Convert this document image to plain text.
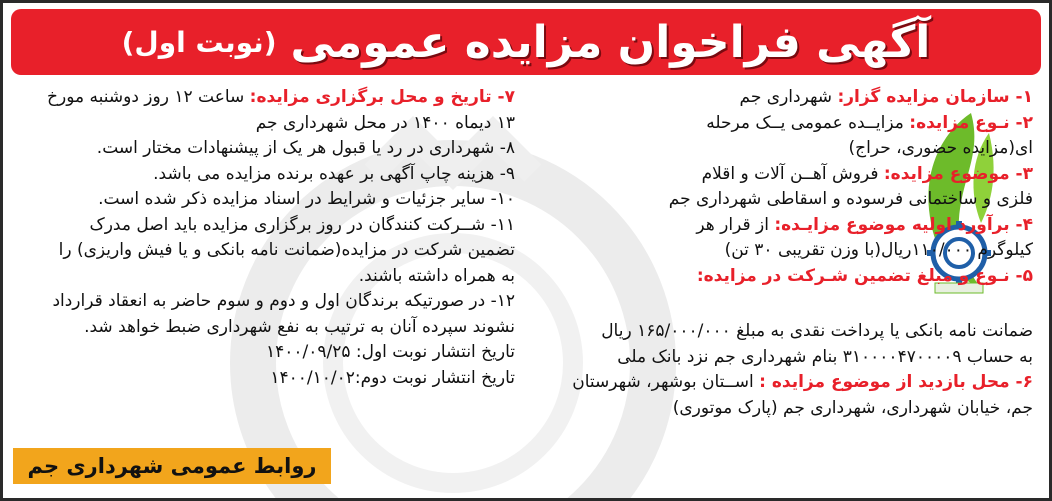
آگهی فراخوان مزایده عمومی
(نوبت اول)
۱- سازمان مزایده گزار: شهرداری جم
۲- نـوع مزایده: مزایــده عمومی یــک مرحله
ای(مزایده حضوری، حراج)
۳- موضوع مزایده: فروش آهــن آلات و اقلام
فلزی و ساختمانی فرسوده و اسقاطی شهرداری جم
۴- برآورد اولیه موضوع مزایـده: از قرار هر
کیلوگرم ۱۱۰/۰۰۰ریال(با وزن تقریبی ۳۰ تن)
۵- نـوع و مبلغ تضمین شـرکت در مزایده:
ضمانت نامه بانکی یا پرداخت نقدی به مبلغ ۱۶۵/۰۰۰/۰۰۰ ریال
به حساب ۳۱۰۰۰۰۴۷۰۰۰۰۹ بنام شهرداری جم نزد بانک ملی
۶- محل بازدید از موضوع مزایده : اســتان بوشهر، شهرستان
جم، خیابان شهرداری، شهرداری جم (پارک موتوری)
۷- تاریخ و محل برگزاری مزایده: ساعت ۱۲ روز دوشنبه مورخ
۱۳ دیماه ۱۴۰۰ در محل شهرداری جم
۸- شهرداری در رد یا قبول هر یک از پیشنهادات مختار است.
۹- هزینه چاپ آگهی بر عهده برنده مزایده می باشد.
۱۰- سایر جزئیات و شرایط در اسناد مزایده ذکر شده است.
۱۱- شــرکت کنندگان در روز برگزاری مزایده باید اصل مدرک
تضمین شرکت در مزایده(ضمانت نامه بانکی و یا فیش واریزی) را
به همراه داشته باشند.
۱۲- در صورتیکه برندگان اول و دوم و سوم حاضر به انعقاد قرارداد
نشوند سپرده آنان به ترتیب به نفع شهرداری ضبط خواهد شد.
تاریخ انتشار نوبت اول: ۱۴۰۰/۰۹/۲۵
تاریخ انتشار نوبت دوم:۱۴۰۰/۱۰/۰۲
روابط عمومی شهرداری جم
